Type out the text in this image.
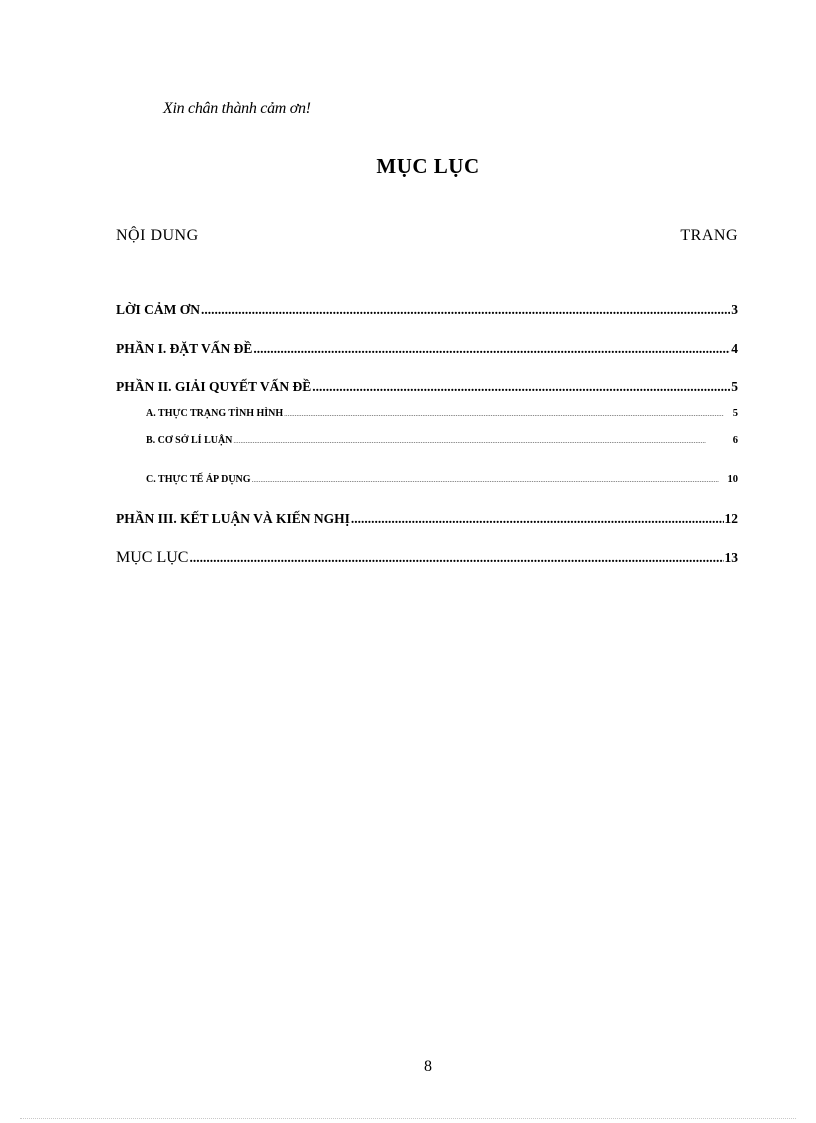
Xin chân thành cảm ơn!
MỤC LỤC
NỘI DUNG	TRANG
LỜI CẢM ƠN .....	3
PHẦN I. ĐẶT VẤN ĐỀ .....	4
PHẦN II. GIẢI QUYẾT VẤN ĐỀ .....	5
A. THỰC TRẠNG TÌNH HÌNH .....	5
B. CƠ SỞ LÍ LUẬN .....	6
C. THỰC TẾ ÁP DỤNG .....	10
PHẦN III. KẾT LUẬN VÀ KIẾN NGHỊ .....	12
MỤC LỤC .....	13
8
